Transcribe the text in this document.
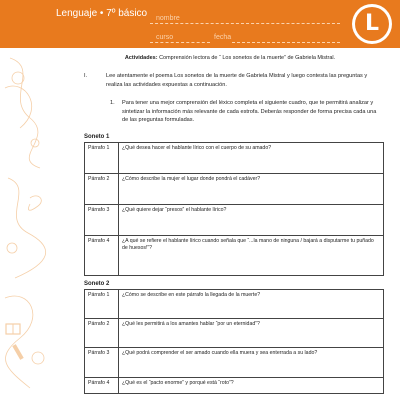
Lenguaje • 7º básico nombre
curso	fecha
L
Actividades: Comprensión lectora de “ Los sonetos de la muerte” de Gabriela Mistral.
I.	Lee atentamente el poema Los sonetos de la muerte de Gabriela Mistral y luego contesta las preguntas y realiza las actividades expuestas a continuación.
1. Para tener una mejor comprensión del léxico completa el siguiente cuadro, que te permitirá analizar y sintetizar la información más relevante de cada estrofa. Deberás responder de forma precisa cada una de las preguntas formuladas.
Soneto 1
Párrafo 1	¿Qué desea hacer el hablante lírico con el cuerpo de su amado?
Párrafo 2	¿Cómo describe la mujer el lugar donde pondrá el cadáver?
Párrafo 3	¿Qué quiere dejar “presos” el hablante lírico?
Párrafo 4	¿A qué se refiere el hablante lírico cuando señala que “...la mano de ninguna / bajará a disputarme tu puñado de huesos!”?
Soneto 2
Párrafo 1	¿Cómo se describe en este párrafo la llegada de la muerte?
Párrafo 2	¿Qué les permitirá a los amantes hablar “por un eternidad”?
Párrafo 3	¿Qué podrá comprender el ser amado cuando ella muera y sea enterrada a su lado?
Párrafo 4	¿Qué es el “pacto enorme” y porqué está “roto”?
